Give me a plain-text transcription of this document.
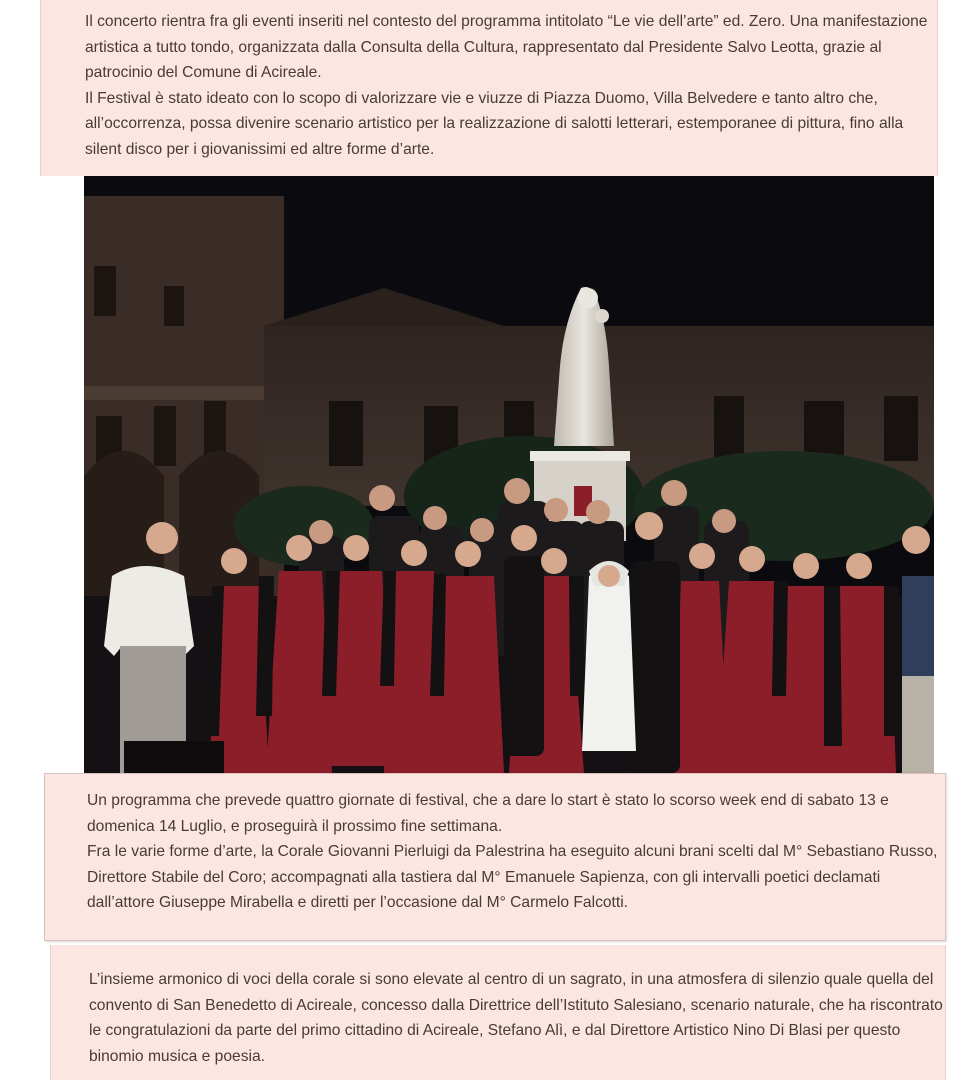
Il concerto rientra fra gli eventi inseriti nel contesto del programma intitolato “Le vie dell’arte” ed. Zero. Una manifestazione artistica a tutto tondo, organizzata dalla Consulta della Cultura, rappresentato dal Presidente Salvo Leotta, grazie al patrocinio del Comune di Acireale.

Il Festival è stato ideato con lo scopo di valorizzare vie e viuzze di Piazza Duomo, Villa Belvedere e tanto altro che, all’occorrenza, possa divenire scenario artistico per la realizzazione di salotti letterari, estemporanee di pittura, fino alla silent disco per i giovanissimi ed altre forme d’arte.

Un programma che prevede quattro giornate di festival, che a dare lo start è stato lo scorso week end di sabato 13 e domenica 14 Luglio, e proseguirà il prossimo fine settimana.

Fra le varie forme d’arte, la Corale Giovanni Pierluigi da Palestrina ha eseguito alcuni brani scelti dal M° Sebastiano Russo, Direttore Stabile del Coro; accompagnati alla tastiera dal M° Emanuele Sapienza, con gli intervalli poetici declamati dall’attore Giuseppe Mirabella e diretti per l’occasione dal M° Carmelo Falcotti.

L’insieme armonico di voci della corale si sono elevate al centro di un sagrato, in una atmosfera di silenzio quale quella del convento di San Benedetto di Acireale, concesso dalla Direttrice dell’Istituto Salesiano, scenario naturale, che ha riscontrato le congratulazioni da parte del primo cittadino di Acireale, Stefano Alì, e dal Direttore Artistico Nino Di Blasi per questo binomio musica e poesia.
